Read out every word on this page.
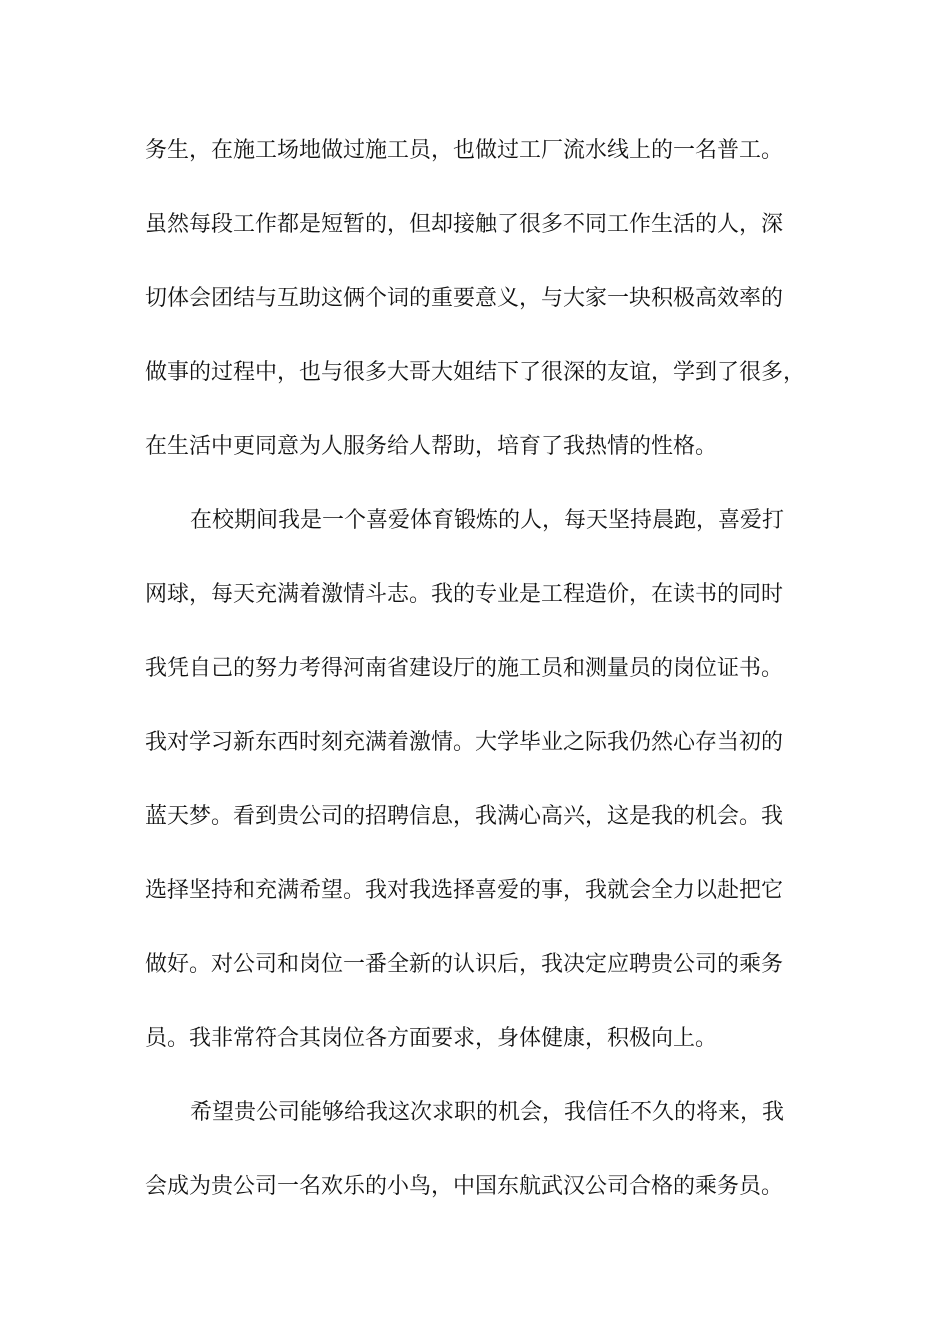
务生，在施工场地做过施工员，也做过工厂流水线上的一名普工。
虽然每段工作都是短暂的，但却接触了很多不同工作生活的人，深
切体会团结与互助这俩个词的重要意义，与大家一块积极高效率的
做事的过程中，也与很多大哥大姐结下了很深的友谊，学到了很多，
在生活中更同意为人服务给人帮助，培育了我热情的性格。
在校期间我是一个喜爱体育锻炼的人，每天坚持晨跑，喜爱打
网球，每天充满着激情斗志。我的专业是工程造价，在读书的同时
我凭自己的努力考得河南省建设厅的施工员和测量员的岗位证书。
我对学习新东西时刻充满着激情。大学毕业之际我仍然心存当初的
蓝天梦。看到贵公司的招聘信息，我满心高兴，这是我的机会。我
选择坚持和充满希望。我对我选择喜爱的事，我就会全力以赴把它
做好。对公司和岗位一番全新的认识后，我决定应聘贵公司的乘务
员。我非常符合其岗位各方面要求，身体健康，积极向上。
希望贵公司能够给我这次求职的机会，我信任不久的将来，我
会成为贵公司一名欢乐的小鸟，中国东航武汉公司合格的乘务员。
